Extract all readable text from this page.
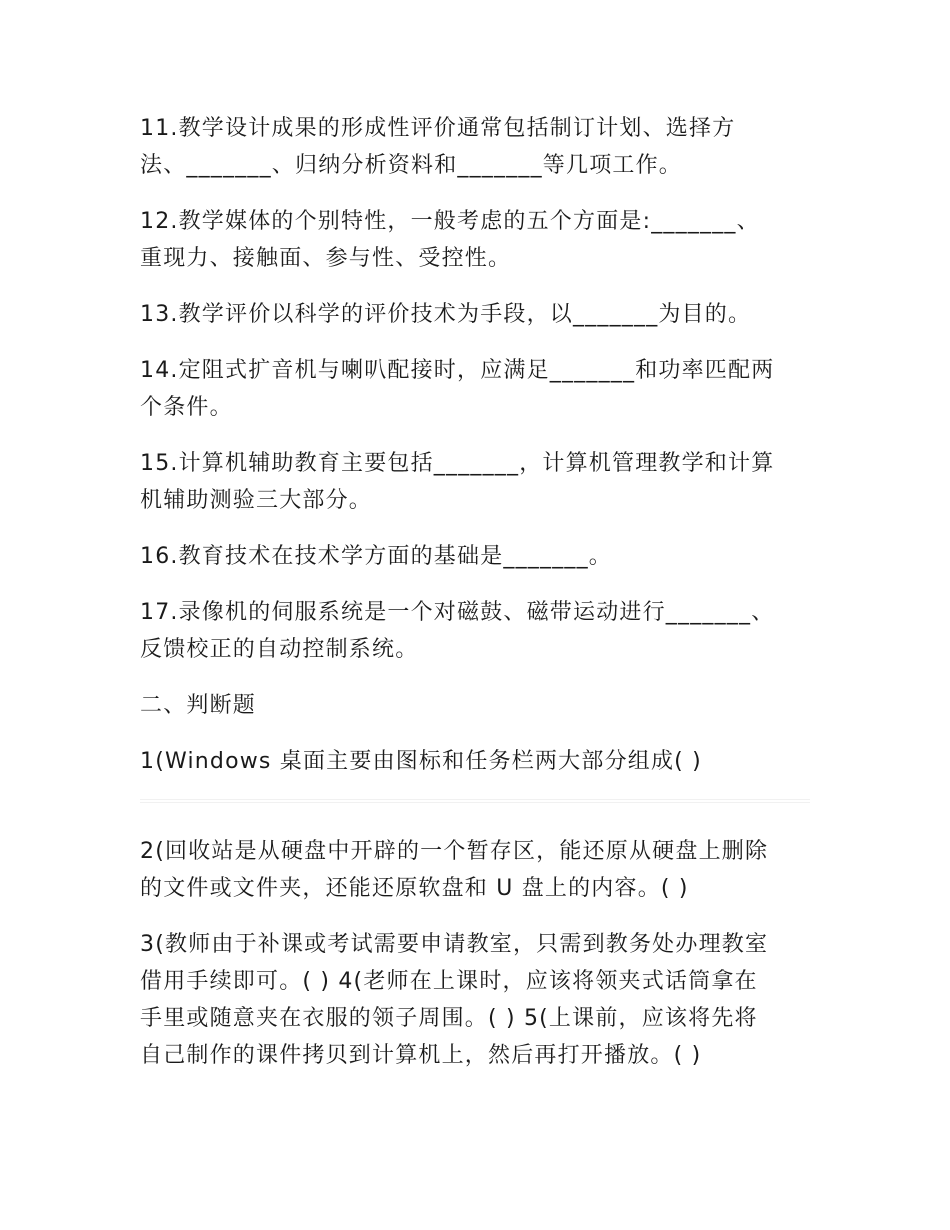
11.教学设计成果的形成性评价通常包括制订计划、选择方
法、_______、归纳分析资料和_______等几项工作。
12.教学媒体的个别特性，一般考虑的五个方面是:_______、
重现力、接触面、参与性、受控性。
13.教学评价以科学的评价技术为手段，以_______为目的。
14.定阻式扩音机与喇叭配接时，应满足_______和功率匹配两
个条件。
15.计算机辅助教育主要包括_______，计算机管理教学和计算
机辅助测验三大部分。
16.教育技术在技术学方面的基础是_______。
17.录像机的伺服系统是一个对磁鼓、磁带运动进行_______、
反馈校正的自动控制系统。
二、判断题
1(Windows 桌面主要由图标和任务栏两大部分组成( )
2(回收站是从硬盘中开辟的一个暂存区，能还原从硬盘上删除
的文件或文件夹，还能还原软盘和 U 盘上的内容。( )
3(教师由于补课或考试需要申请教室，只需到教务处办理教室
借用手续即可。( ) 4(老师在上课时，应该将领夹式话筒拿在
手里或随意夹在衣服的领子周围。( ) 5(上课前，应该将先将
自己制作的课件拷贝到计算机上，然后再打开播放。( )
